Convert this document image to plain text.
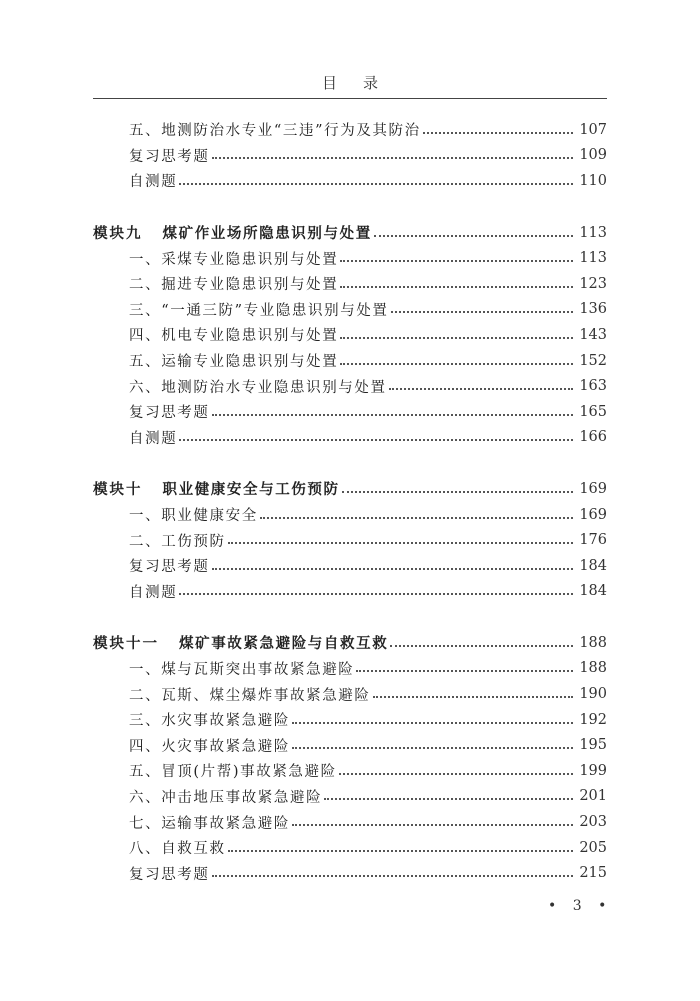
目录
五、地测防治水专业“三违”行为及其防治	107
复习思考题	109
自测题	110
模块九 煤矿作业场所隐患识别与处置	113
一、采煤专业隐患识别与处置	113
二、掘进专业隐患识别与处置	123
三、“一通三防”专业隐患识别与处置	136
四、机电专业隐患识别与处置	143
五、运输专业隐患识别与处置	152
六、地测防治水专业隐患识别与处置	163
复习思考题	165
自测题	166
模块十 职业健康安全与工伤预防	169
一、职业健康安全	169
二、工伤预防	176
复习思考题	184
自测题	184
模块十一 煤矿事故紧急避险与自救互救	188
一、煤与瓦斯突出事故紧急避险	188
二、瓦斯、煤尘爆炸事故紧急避险	190
三、水灾事故紧急避险	192
四、火灾事故紧急避险	195
五、冒顶(片帮)事故紧急避险	199
六、冲击地压事故紧急避险	201
七、运输事故紧急避险	203
八、自救互救	205
复习思考题	215
• 3 •
